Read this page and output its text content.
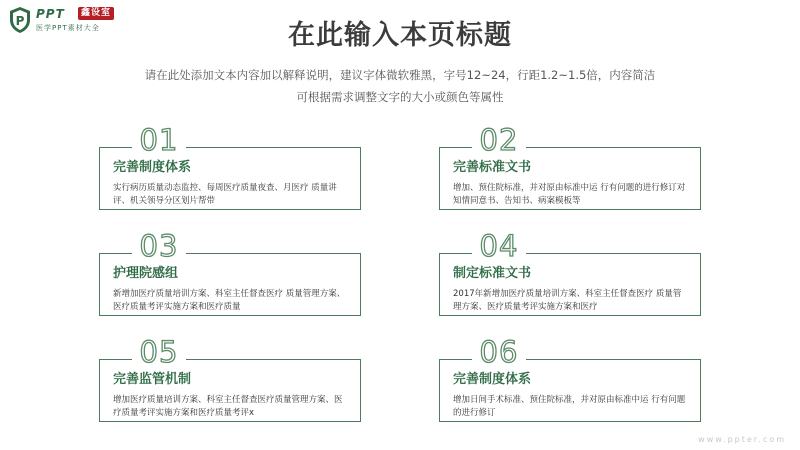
P PPT	鑫设室
医学PPT素材大全	在此输入本页标题
请在此处添加文本内容加以解释说明，建议字体微软雅黑，字号12~24，行距1.2~1.5倍，内容简洁
可根据需求调整文字的大小或颜色等属性
01
完善制度体系
实行病历质量动态监控、每周医疗质量夜查、月医疗 质量讲评、机关领导分区划片帮带
02
完善标准文书
增加、预住院标准，并对原由标准中运 行有问题的进行修订对知情同意书、告知书、病案模板等
03
护理院感组
新增加医疗质量培训方案、科室主任督查医疗 质量管理方案、医疗质量考评实施方案和医疗质量
04
制定标准文书
2017年新增加医疗质量培训方案、科室主任督查医疗 质量管理方案、医疗质量考评实施方案和医疗
05
完善监管机制
增加医疗质量培训方案、科室主任督查医疗质量管理方案、医疗质量考评实施方案和医疗质量考评x
06
完善制度体系
增加日间手术标准、预住院标准，并对原由标准中运 行有问题的进行修订
www.ppter.com
